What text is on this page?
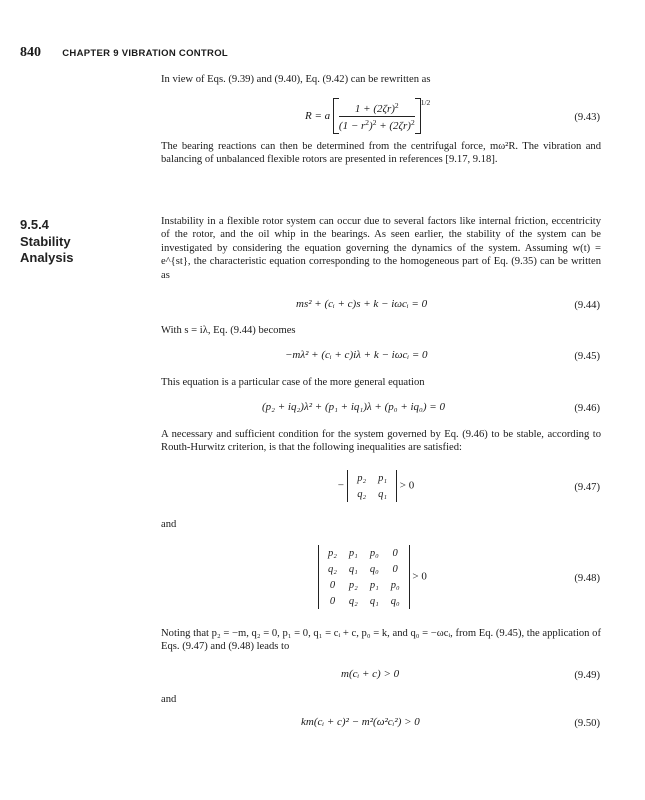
840 CHAPTER 9 VIBRATION CONTROL
In view of Eqs. (9.39) and (9.40), Eq. (9.42) can be rewritten as
R = a $\frac{1 + (2\zeta r)^2}{(1 - r^2)^2 + (2\zeta r)^2} ^{1/2}$
(9.43)
The bearing reactions can then be determined from the centrifugal force, mω²R. The vibration and balancing of unbalanced flexible rotors are presented in references [9.17, 9.18].
9.5.4
Stability
Analysis
Instability in a flexible rotor system can occur due to several factors like internal friction, eccentricity of the rotor, and the oil whip in the bearings. As seen earlier, the stability of the system can be investigated by considering the equation governing the dynamics of the system. Assuming w(t) = e^{st}, the characteristic equation corresponding to the homogeneous part of Eq. (9.35) can be written as
ms² + (cᵢ + c)s + k − iωcᵢ = 0	(9.44)
With s = iλ, Eq. (9.44) becomes
−mλ² + (cᵢ + c)iλ + k − iωcᵢ = 0	(9.45)
This equation is a particular case of the more general equation
(p₂ + iq₂)λ² + (p₁ + iq₁)λ + (p₀ + iq₀) = 0	(9.46)
A necessary and sufficient condition for the system governed by Eq. (9.46) to be stable, according to Routh-Hurwitz criterion, is that the following inequalities are satisfied:
−
p₂	p₁
q₂	q₁
> 0	(9.47)
and
p₂	p₁	p₀	0
q₂	q₁	q₀	0
0	p₂	p₁	p₀
0	q₂	q₁	q₀
> 0	(9.48)
Noting that p₂ = −m, q₂ = 0, p₁ = 0, q₁ = cᵢ + c, p₀ = k, and q₀ = −ωcᵢ, from Eq. (9.45), the application of Eqs. (9.47) and (9.48) leads to
m(cᵢ + c) > 0	(9.49)
and
km(cᵢ + c)² − m²(ω²cᵢ²) > 0	(9.50)
